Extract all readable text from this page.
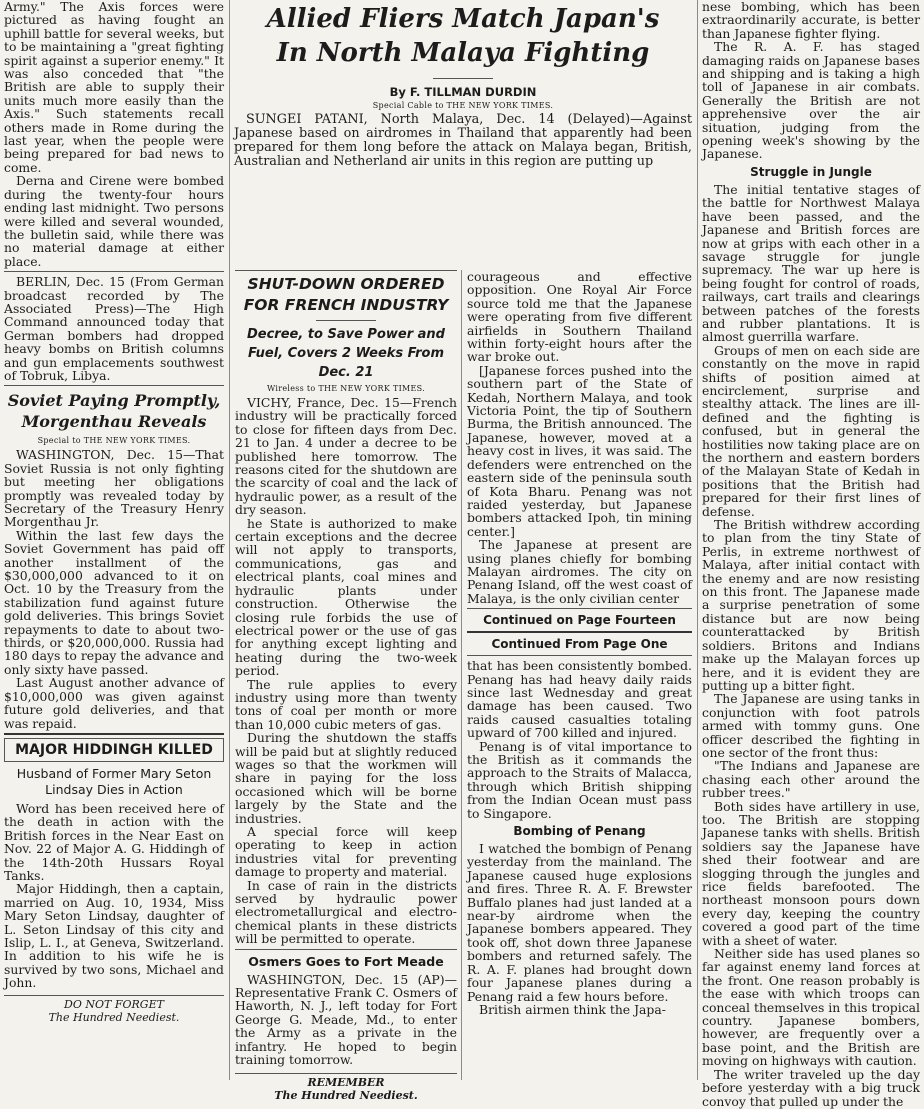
Army." The Axis forces were pictured as having fought an uphill battle for several weeks, but to be maintaining a "great fighting spirit against a superior enemy." It was also conceded that "the British are able to supply their units much more easily than the Axis." Such statements recall others made in Rome during the last year, when the people were being prepared for bad news to come.

Derna and Cirene were bombed during the twenty-four hours ending last midnight. Two persons were killed and several wounded, the bulletin said, while there was no material damage at either place.

BERLIN, Dec. 15 (From German broadcast recorded by The Associated Press)—The High Command announced today that German bombers had dropped heavy bombs on British columns and gun emplacements southwest of Tobruk, Libya.

Soviet Paying Promptly, Morgenthau Reveals
Special to THE NEW YORK TIMES.

WASHINGTON, Dec. 15—That Soviet Russia is not only fighting but meeting her obligations promptly was revealed today by Secretary of the Treasury Henry Morgenthau Jr.

Within the last few days the Soviet Government has paid off another installment of the $30,000,000 advanced to it on Oct. 10 by the Treasury from the stabilization fund against future gold deliveries. This brings Soviet repayments to date to about two-thirds, or $20,000,000. Russia had 180 days to repay the advance and only sixty have passed.

Last August another advance of $10,000,000 was given against future gold deliveries, and that was repaid.

MAJOR HIDDINGH KILLED
Husband of Former Mary Seton Lindsay Dies in Action

Word has been received here of the death in action with the British forces in the Near East on Nov. 22 of Major A. G. Hiddingh of the 14th-20th Hussars Royal Tanks.

Major Hiddingh, then a captain, married on Aug. 10, 1934, Miss Mary Seton Lindsay, daughter of L. Seton Lindsay of this city and Islip, L. I., at Geneva, Switzerland. In addition to his wife he is survived by two sons, Michael and John.

DO NOT FORGET
The Hundred Neediest.
Allied Fliers Match Japan's
In North Malaya Fighting
By F. TILLMAN DURDIN
Special Cable to THE NEW YORK TIMES.

SUNGEI PATANI, North Malaya, Dec. 14 (Delayed)—Against Japanese based on airdromes in Thailand that apparently had been prepared for them long before the attack on Malaya began, British, Australian and Netherland air units in this region are putting up

SHUT-DOWN ORDERED FOR FRENCH INDUSTRY
Decree, to Save Power and Fuel, Covers 2 Weeks From Dec. 21
Wireless to THE NEW YORK TIMES.

VICHY, France, Dec. 15—French industry will be practically forced to close for fifteen days from Dec. 21 to Jan. 4 under a decree to be published here tomorrow. The reasons cited for the shutdown are the scarcity of coal and the lack of hydraulic power, as a result of the dry season.

he State is authorized to make certain exceptions and the decree will not apply to transports, communications, gas and electrical plants, coal mines and hydraulic plants under construction. Otherwise the closing rule forbids the use of electrical power or the use of gas for anything except lighting and heating during the two-week period.

The rule applies to every industry using more than twenty tons of coal per month or more than 10,000 cubic meters of gas.

During the shutdown the staffs will be paid but at slightly reduced wages so that the workmen will share in paying for the loss occasioned which will be borne largely by the State and the industries.

A special force will keep operating to keep in action industries vital for preventing damage to property and material.

In case of rain in the districts served by hydraulic power electrometallurgical and electro-chemical plants in these districts will be permitted to operate.

Osmers Goes to Fort Meade

WASHINGTON, Dec. 15 (AP)—Representative Frank C. Osmers of Haworth, N. J., left today for Fort George G. Meade, Md., to enter the Army as a private in the infantry. He hoped to begin training tomorrow.

REMEMBER
The Hundred Neediest.

courageous and effective opposition. One Royal Air Force source told me that the Japanese were operating from five different airfields in Southern Thailand within forty-eight hours after the war broke out.

[Japanese forces pushed into the southern part of the State of Kedah, Northern Malaya, and took Victoria Point, the tip of Southern Burma, the British announced. The Japanese, however, moved at a heavy cost in lives, it was said. The defenders were entrenched on the eastern side of the peninsula south of Kota Bharu. Penang was not raided yesterday, but Japanese bombers attacked Ipoh, tin mining center.]

The Japanese at present are using planes chiefly for bombing Malayan airdromes. The city on Penang Island, off the west coast of Malaya, is the only civilian center

Continued on Page Fourteen
Continued From Page One

that has been consistently bombed. Penang has had heavy daily raids since last Wednesday and great damage has been caused. Two raids caused casualties totaling upward of 700 killed and injured.

Penang is of vital importance to the British as it commands the approach to the Straits of Malacca, through which British shipping from the Indian Ocean must pass to Singapore.

Bombing of Penang

I watched the bombign of Penang yesterday from the mainland. The Japanese caused huge explosions and fires. Three R. A. F. Brewster Buffalo planes had just landed at a near-by airdrome when the Japanese bombers appeared. They took off, shot down three Japanese bombers and returned safely. The R. A. F. planes had brought down four Japanese planes during a Penang raid a few hours before.

British airmen think the Japa-

nese bombing, which has been extraordinarily accurate, is better than Japanese fighter flying.

The R. A. F. has staged damaging raids on Japanese bases and shipping and is taking a high toll of Japanese in air combats. Generally the British are not apprehensive over the air situation, judging from the opening week's showing by the Japanese.

Struggle in Jungle

The initial tentative stages of the battle for Northwest Malaya have been passed, and the Japanese and British forces are now at grips with each other in a savage struggle for jungle supremacy. The war up here is being fought for control of roads, railways, cart trails and clearings between patches of the forests and rubber plantations. It is almost guerrilla warfare.

Groups of men on each side are constantly on the move in rapid shifts of position aimed at encirclement, surprise and stealthy attack. The lines are ill-defined and the fighting is confused, but in general the hostilities now taking place are on the northern and eastern borders of the Malayan State of Kedah in positions that the British had prepared for their first lines of defense.

The British withdrew according to plan from the tiny State of Perlis, in extreme northwest of Malaya, after initial contact with the enemy and are now resisting on this front. The Japanese made a surprise penetration of some distance but are now being counterattacked by British soldiers. Britons and Indians make up the Malayan forces up here, and it is evident they are putting up a bitter fight.

The Japanese are using tanks in conjunction with foot patrols armed with tommy guns. One officer described the fighting in one sector of the front thus:

"The Indians and Japanese are chasing each other around the rubber trees."

Both sides have artillery in use, too. The British are stopping Japanese tanks with shells. British soldiers say the Japanese have shed their footwear and are slogging through the jungles and rice fields barefooted. The northeast monsoon pours down every day, keeping the country covered a good part of the time with a sheet of water.

Neither side has used planes so far against enemy land forces at the front. One reason probably is the ease with which troops can conceal themselves in this tropical country. Japanese bombers, however, are frequently over a base point, and the British are moving on highways with caution.

The writer traveled up the day before yesterday with a big truck convoy that pulled up under the
